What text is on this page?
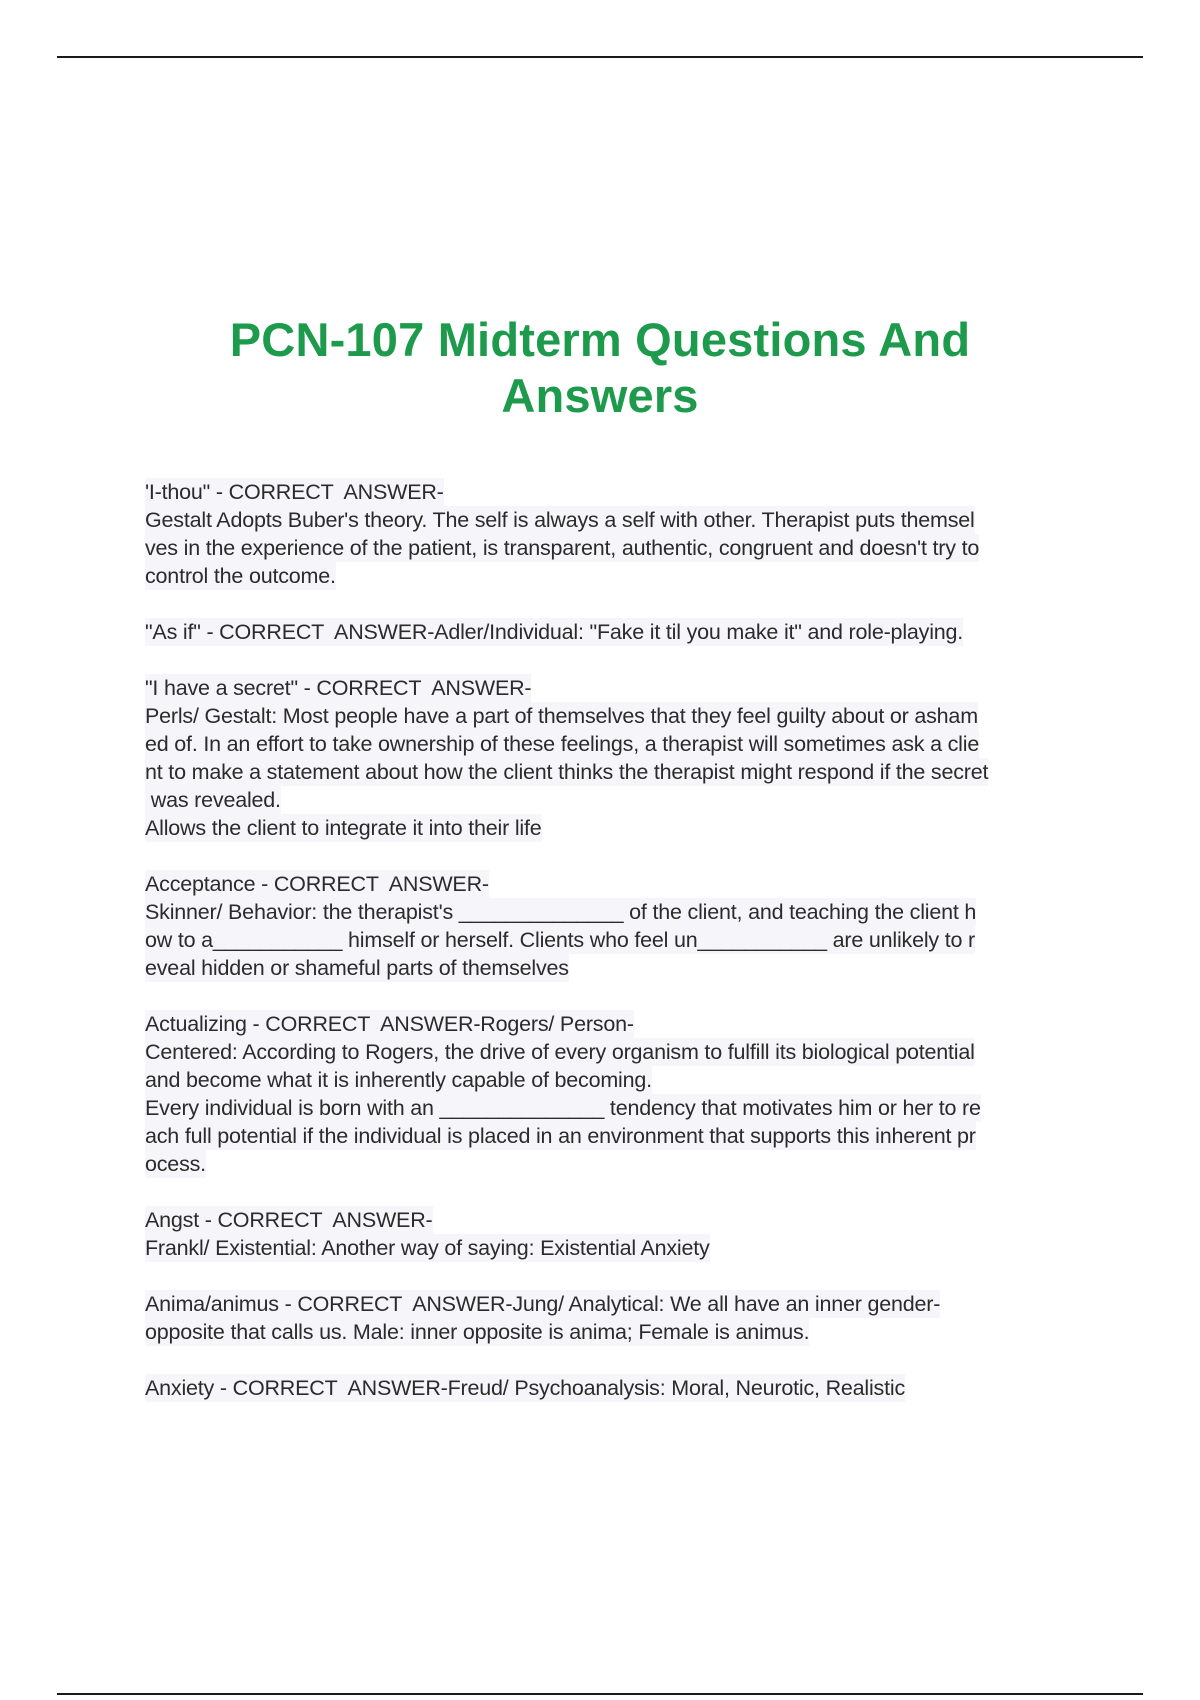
PCN-107 Midterm Questions And
Answers
'I-thou" - CORRECT  ANSWER-
Gestalt Adopts Buber's theory. The self is always a self with other. Therapist puts themsel
ves in the experience of the patient, is transparent, authentic, congruent and doesn't try to
control the outcome.
"As if" - CORRECT  ANSWER-Adler/Individual: "Fake it til you make it" and role-playing.
"I have a secret" - CORRECT  ANSWER-
Perls/ Gestalt: Most people have a part of themselves that they feel guilty about or asham
ed of. In an effort to take ownership of these feelings, a therapist will sometimes ask a clie
nt to make a statement about how the client thinks the therapist might respond if the secret
was revealed.
Allows the client to integrate it into their life
Acceptance - CORRECT  ANSWER-
Skinner/ Behavior: the therapist's ______________ of the client, and teaching the client h
ow to a___________ himself or herself. Clients who feel un___________ are unlikely to r
eveal hidden or shameful parts of themselves
Actualizing - CORRECT  ANSWER-Rogers/ Person-
Centered: According to Rogers, the drive of every organism to fulfill its biological potential
and become what it is inherently capable of becoming.
Every individual is born with an ______________ tendency that motivates him or her to re
ach full potential if the individual is placed in an environment that supports this inherent pr
ocess.
Angst - CORRECT  ANSWER-
Frankl/ Existential: Another way of saying: Existential Anxiety
Anima/animus - CORRECT  ANSWER-Jung/ Analytical: We all have an inner gender-
opposite that calls us. Male: inner opposite is anima; Female is animus.
Anxiety - CORRECT  ANSWER-Freud/ Psychoanalysis: Moral, Neurotic, Realistic
